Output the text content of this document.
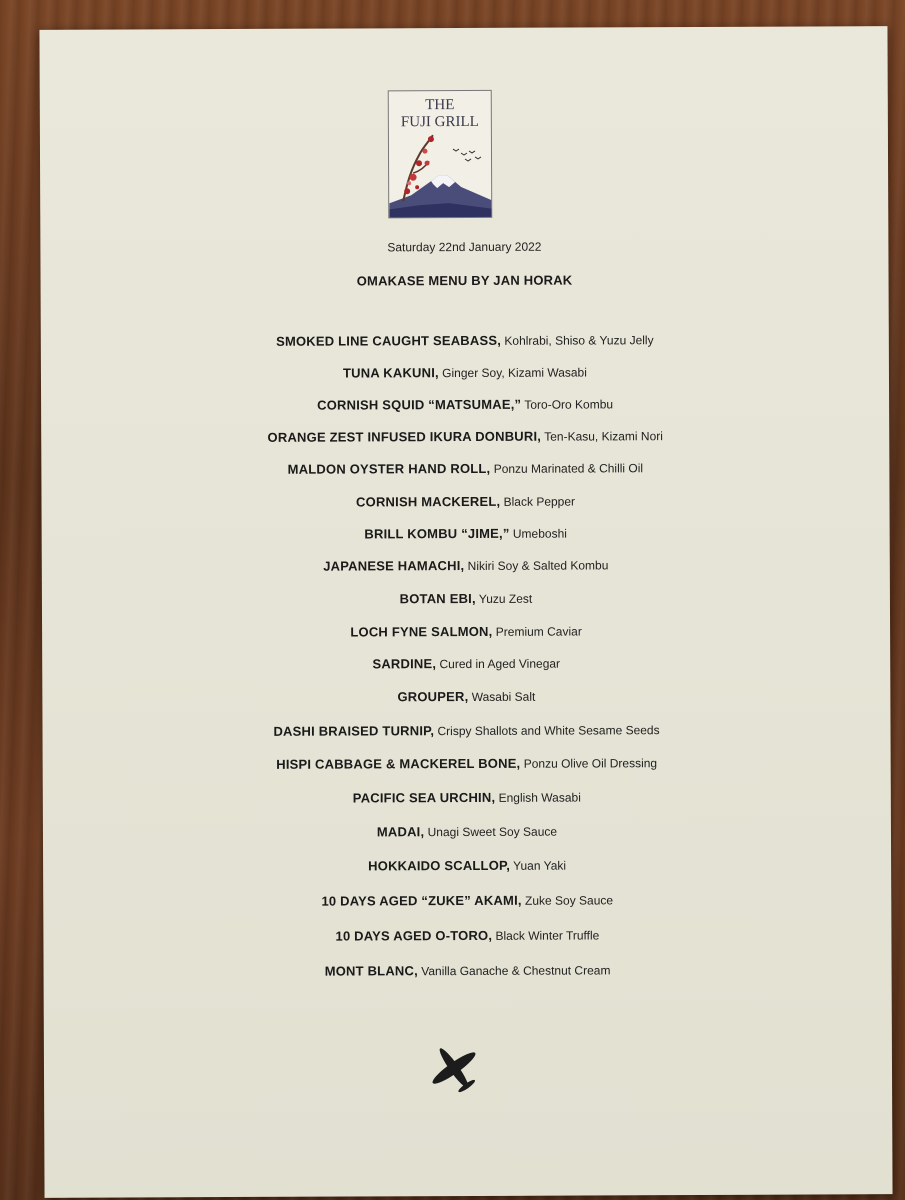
THE
FUJI GRILL
Saturday 22nd January 2022
OMAKASE MENU BY JAN HORAK
SMOKED LINE CAUGHT SEABASS, Kohlrabi, Shiso & Yuzu Jelly
TUNA KAKUNI, Ginger Soy, Kizami Wasabi
CORNISH SQUID “MATSUMAE,” Toro-Oro Kombu
ORANGE ZEST INFUSED IKURA DONBURI, Ten-Kasu, Kizami Nori
MALDON OYSTER HAND ROLL, Ponzu Marinated & Chilli Oil
CORNISH MACKEREL, Black Pepper
BRILL KOMBU “JIME,” Umeboshi
JAPANESE HAMACHI, Nikiri Soy & Salted Kombu
BOTAN EBI, Yuzu Zest
LOCH FYNE SALMON, Premium Caviar
SARDINE, Cured in Aged Vinegar
GROUPER, Wasabi Salt
DASHI BRAISED TURNIP, Crispy Shallots and White Sesame Seeds
HISPI CABBAGE & MACKEREL BONE, Ponzu Olive Oil Dressing
PACIFIC SEA URCHIN, English Wasabi
MADAI, Unagi Sweet Soy Sauce
HOKKAIDO SCALLOP, Yuan Yaki
10 DAYS AGED “ZUKE” AKAMI, Zuke Soy Sauce
10 DAYS AGED O-TORO, Black Winter Truffle
MONT BLANC, Vanilla Ganache & Chestnut Cream
